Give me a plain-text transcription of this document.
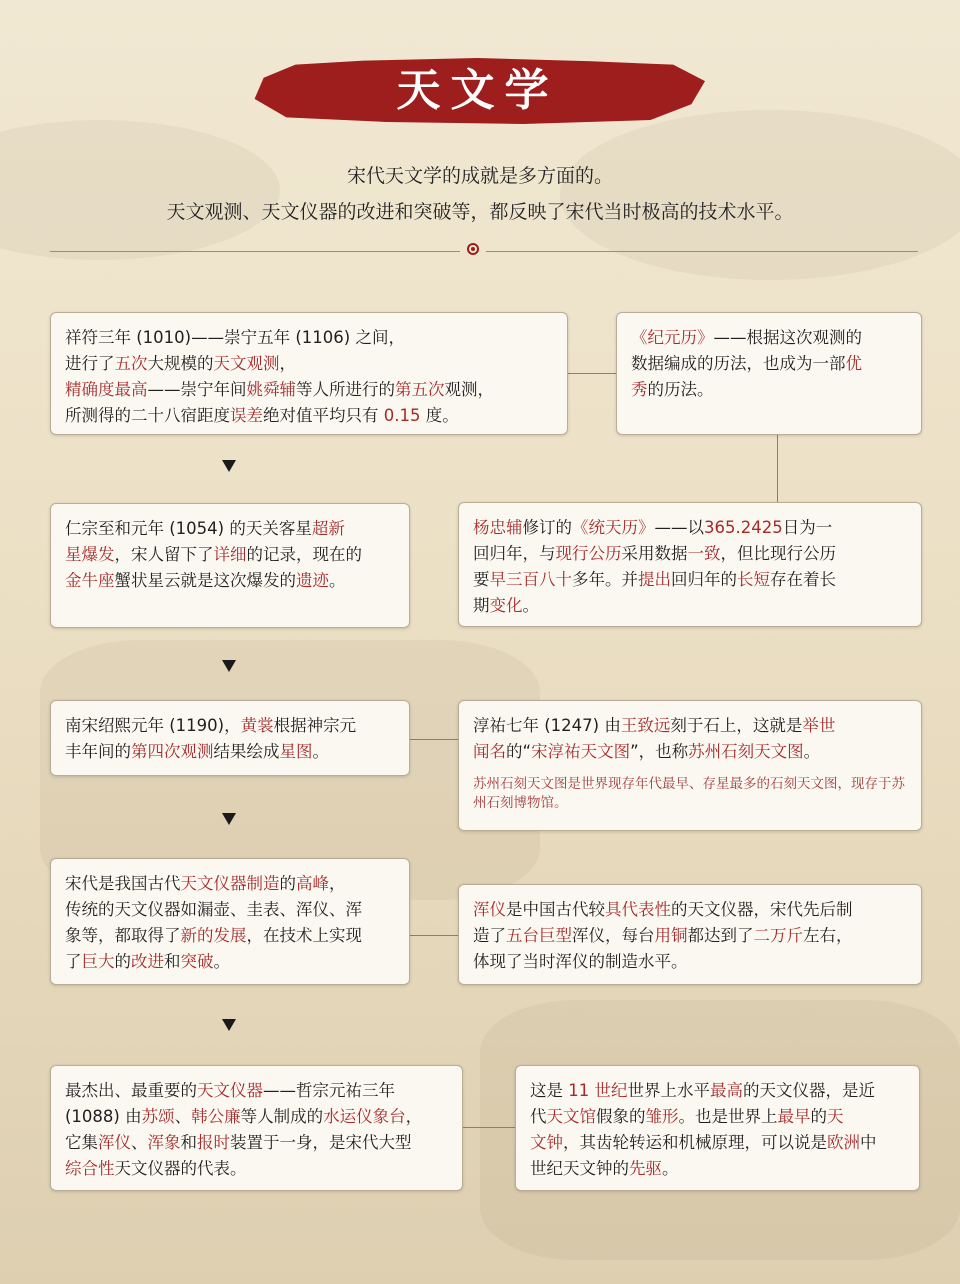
天文学
宋代天文学的成就是多方面的。
天文观测、天文仪器的改进和突破等，都反映了宋代当时极高的技术水平。
祥符三年 (1010)——崇宁五年 (1106) 之间，
进行了五次大规模的天文观测，
精确度最高——崇宁年间姚舜辅等人所进行的第五次观测，
所测得的二十八宿距度误差绝对值平均只有 0.15 度。
《纪元历》——根据这次观测的
数据编成的历法，也成为一部优
秀的历法。
仁宗至和元年 (1054) 的天关客星超新
星爆发，宋人留下了详细的记录，现在的
金牛座蟹状星云就是这次爆发的遗迹。
杨忠辅修订的《统天历》——以365.2425日为一
回归年，与现行公历采用数据一致，但比现行公历
要早三百八十多年。并提出回归年的长短存在着长
期变化。
南宋绍熙元年 (1190)，黄裳根据神宗元
丰年间的第四次观测结果绘成星图。
淳祐七年 (1247) 由王致远刻于石上，这就是举世
闻名的“宋淳祐天文图”，也称苏州石刻天文图。
苏州石刻天文图是世界现存年代最早、存星最多的石刻天文图，现存于苏州石刻博物馆。
宋代是我国古代天文仪器制造的高峰，
传统的天文仪器如漏壶、圭表、浑仪、浑
象等，都取得了新的发展，在技术上实现
了巨大的改进和突破。
浑仪是中国古代较具代表性的天文仪器，宋代先后制
造了五台巨型浑仪，每台用铜都达到了二万斤左右，
体现了当时浑仪的制造水平。
最杰出、最重要的天文仪器——哲宗元祐三年
(1088) 由苏颂、韩公廉等人制成的水运仪象台，
它集浑仪、浑象和报时装置于一身，是宋代大型
综合性天文仪器的代表。
这是 11 世纪世界上水平最高的天文仪器，是近
代天文馆假象的雏形。也是世界上最早的天
文钟，其齿轮转运和机械原理，可以说是欧洲中
世纪天文钟的先驱。
